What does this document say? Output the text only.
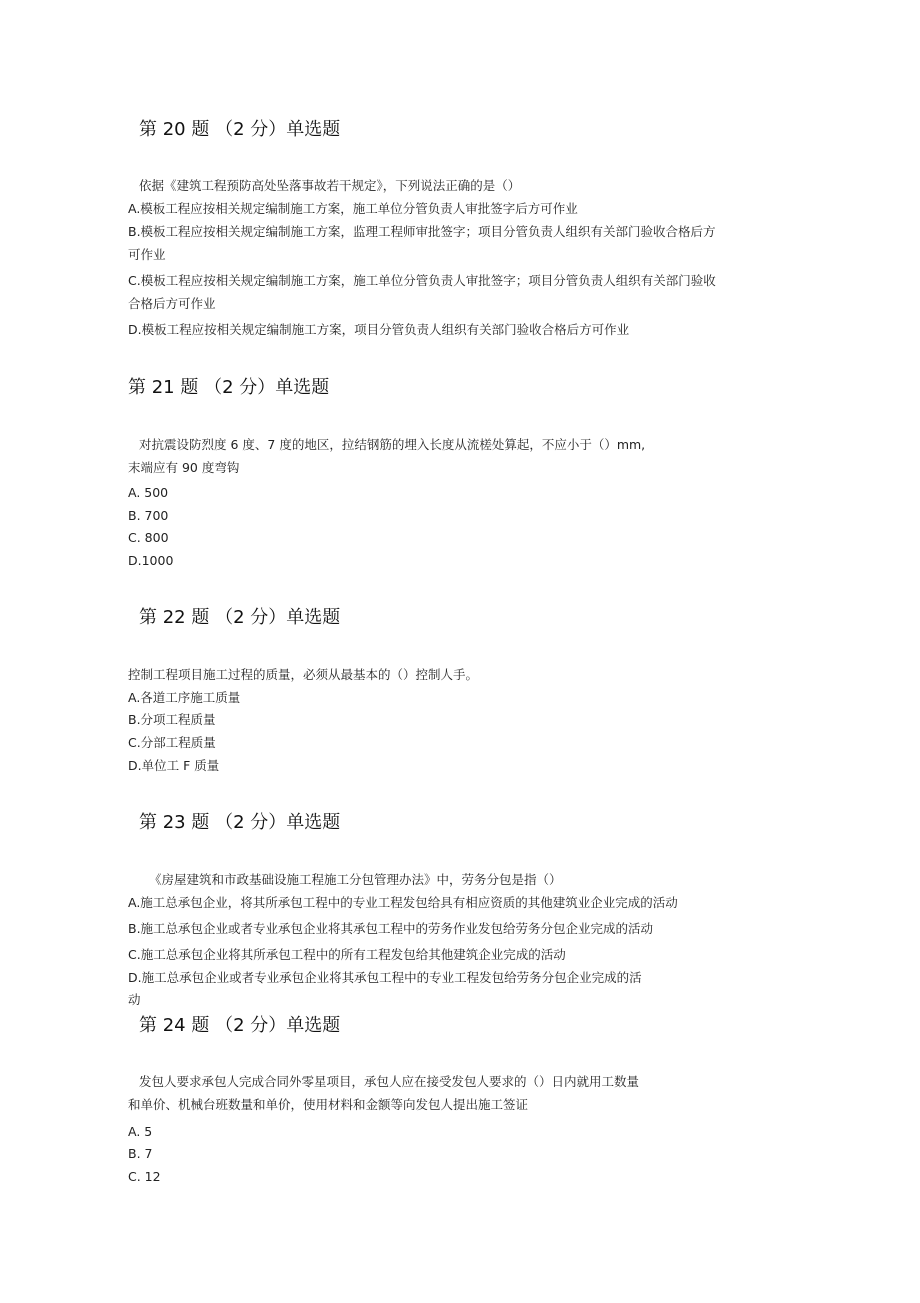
第 20 题 （2 分）单选题
依据《建筑工程预防高处坠落事故若干规定》，下列说法正确的是（）
A.模板工程应按相关规定编制施工方案，施工单位分管负责人审批签字后方可作业
B.模板工程应按相关规定编制施工方案，监理工程师审批签字；项目分管负责人组织有关部门验收合格后方
可作业
C.模板工程应按相关规定编制施工方案，施工单位分管负责人审批签字；项目分管负责人组织有关部门验收
合格后方可作业
D.模板工程应按相关规定编制施工方案，项目分管负责人组织有关部门验收合格后方可作业
第 21 题 （2 分）单选题
对抗震设防烈度 6 度、7 度的地区，拉结钢筋的埋入长度从流槎处算起，不应小于（）mm,
末端应有 90 度弯钩
A. 500
B. 700
C. 800
D.1000
第 22 题 （2 分）单选题
控制工程项目施工过程的质量，必须从最基本的（）控制人手。
A.各道工序施工质量
B.分项工程质量
C.分部工程质量
D.单位工 F 质量
第 23 题 （2 分）单选题
《房屋建筑和市政基础设施工程施工分包管理办法》中，劳务分包是指（）
A.施工总承包企业，将其所承包工程中的专业工程发包给具有相应资质的其他建筑业企业完成的活动
B.施工总承包企业或者专业承包企业将其承包工程中的劳务作业发包给劳务分包企业完成的活动
C.施工总承包企业将其所承包工程中的所有工程发包给其他建筑企业完成的活动
D.施工总承包企业或者专业承包企业将其承包工程中的专业工程发包给劳务分包企业完成的活
动
第 24 题 （2 分）单选题
发包人要求承包人完成合同外零星项目，承包人应在接受发包人要求的（）日内就用工数量
和单价、机械台班数量和单价，使用材料和金额等向发包人提出施工签证
A. 5
B. 7
C. 12
